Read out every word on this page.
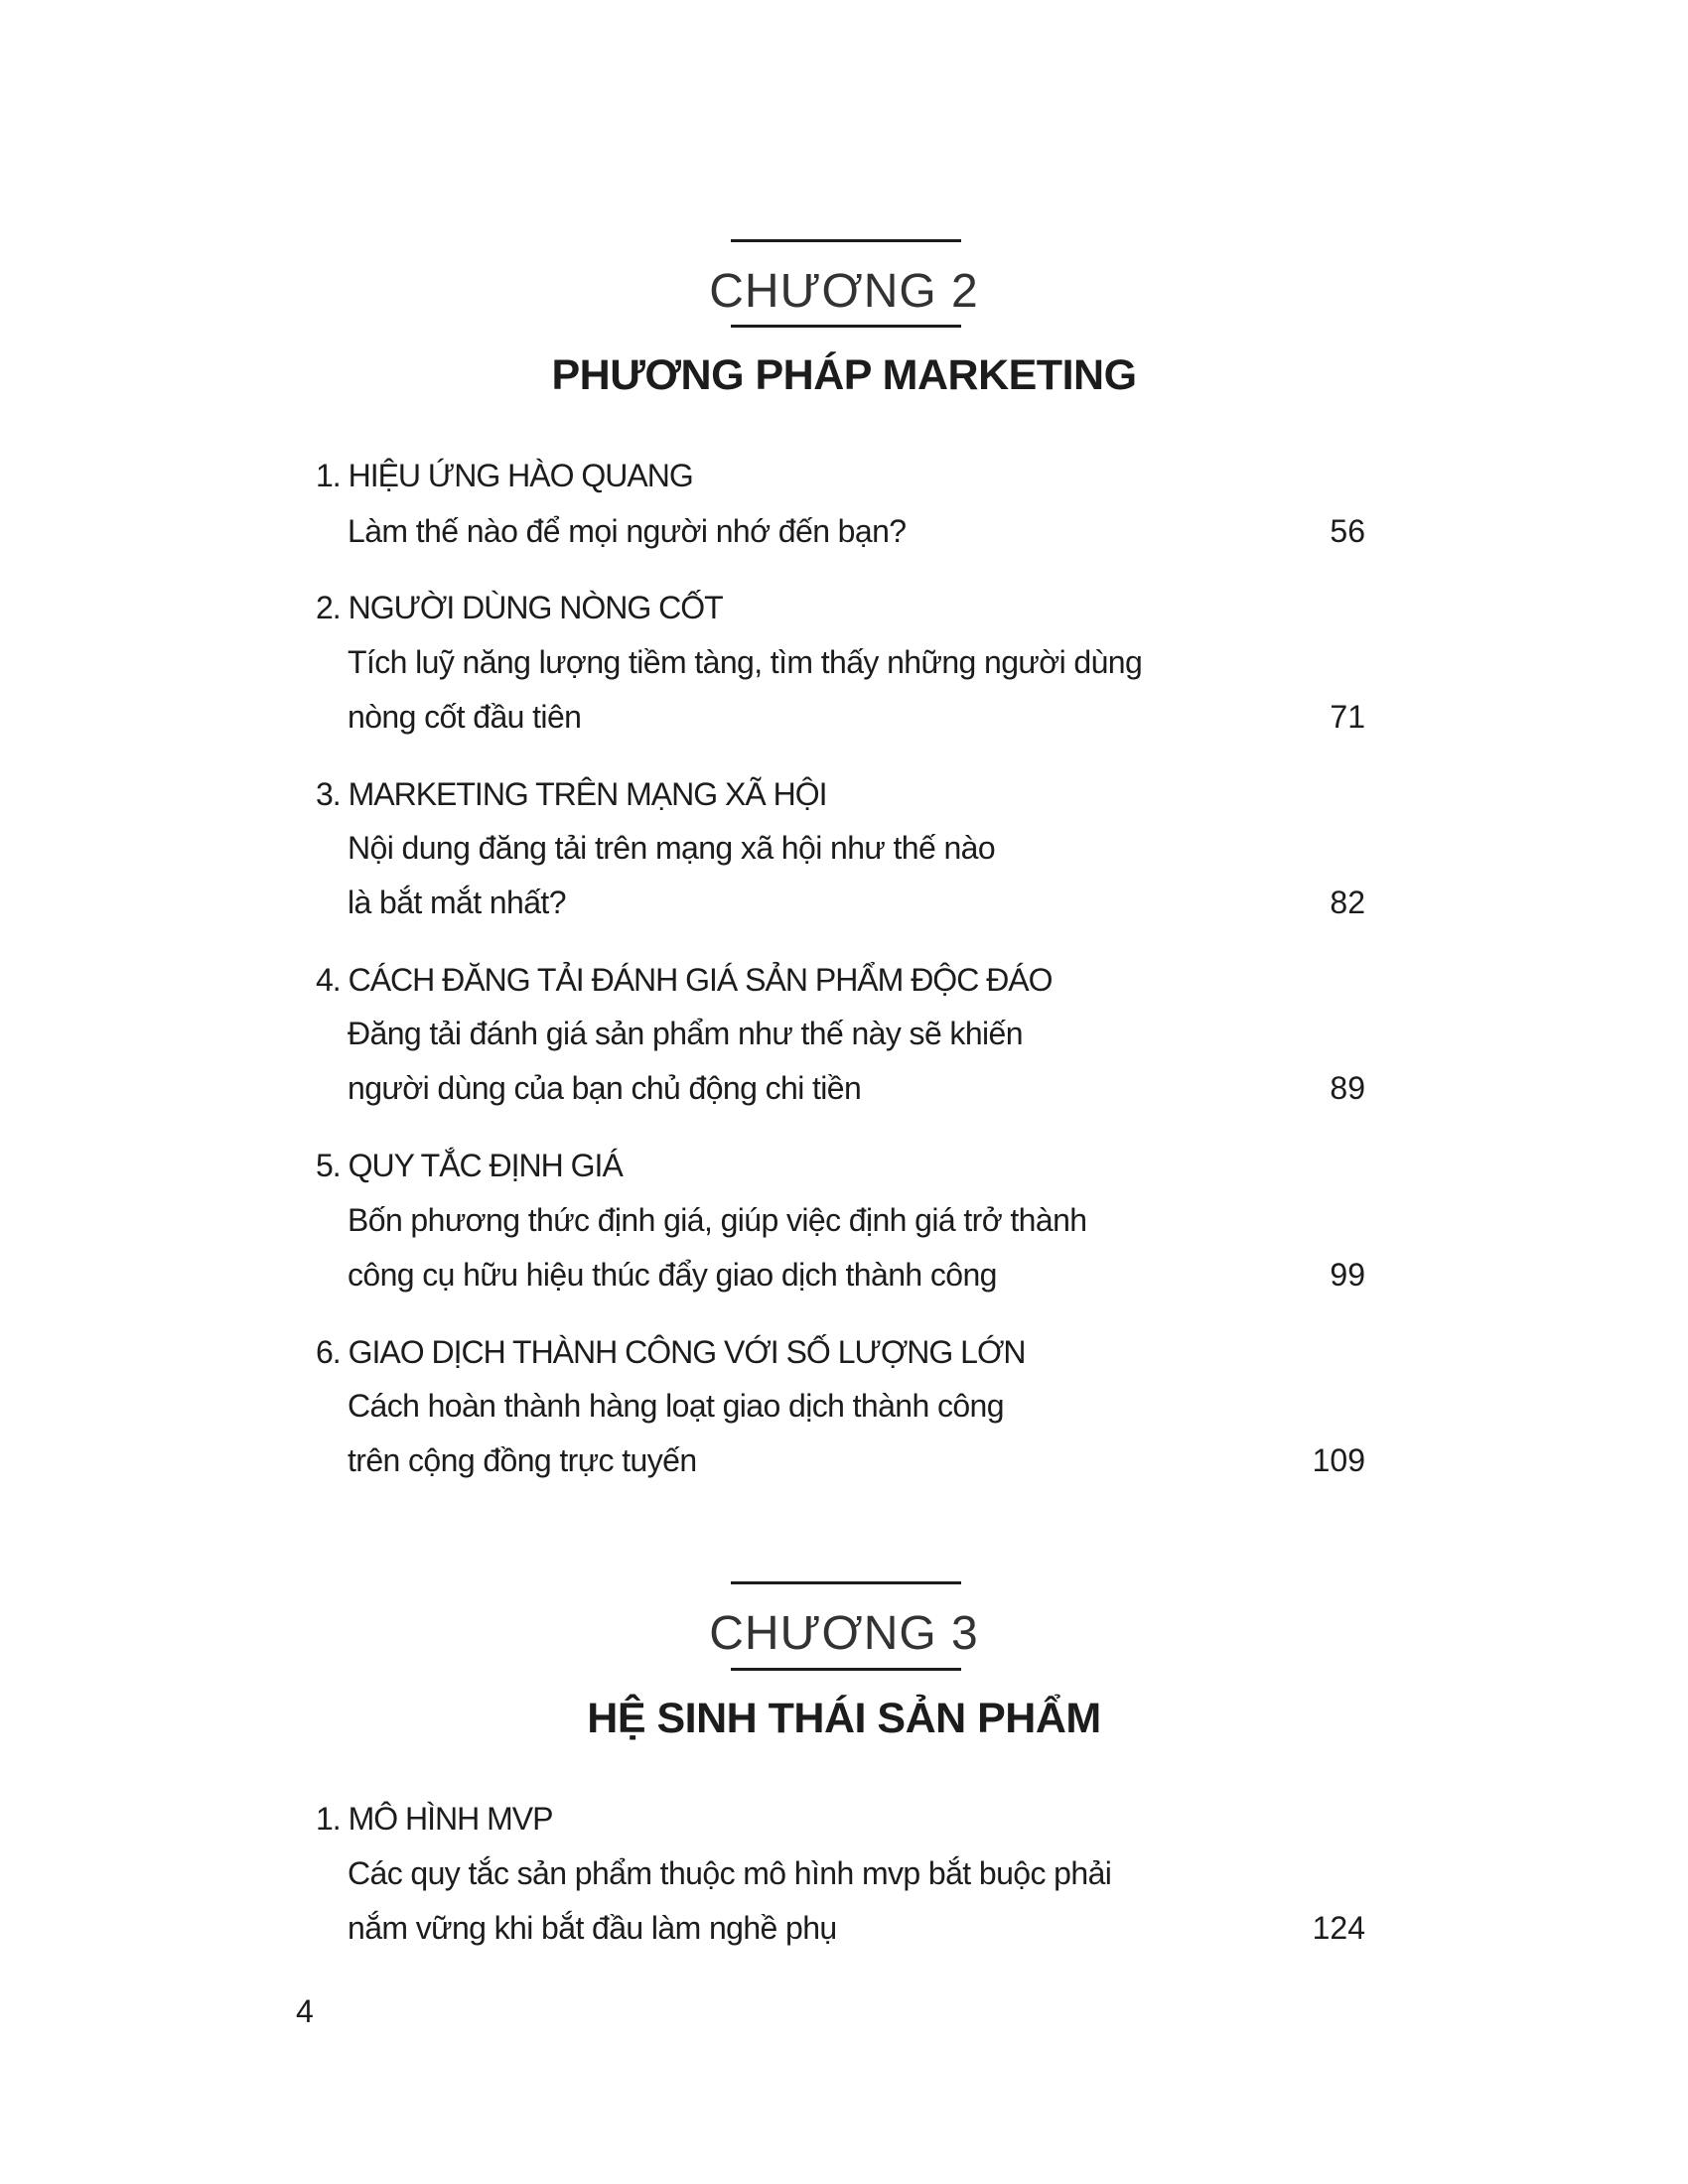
CHƯƠNG 2
PHƯƠNG PHÁP MARKETING
1. HIỆU ỨNG HÀO QUANG
Làm thế nào để mọi người nhớ đến bạn?	56
2. NGƯỜI DÙNG NÒNG CỐT
Tích luỹ năng lượng tiềm tàng, tìm thấy những người dùng
nòng cốt đầu tiên	71
3. MARKETING TRÊN MẠNG XÃ HỘI
Nội dung đăng tải trên mạng xã hội như thế nào
là bắt mắt nhất?	82
4. CÁCH ĐĂNG TẢI ĐÁNH GIÁ SẢN PHẨM ĐỘC ĐÁO
Đăng tải đánh giá sản phẩm như thế này sẽ khiến
người dùng của bạn chủ động chi tiền	89
5. QUY TẮC ĐỊNH GIÁ
Bốn phương thức định giá, giúp việc định giá trở thành
công cụ hữu hiệu thúc đẩy giao dịch thành công	99
6. GIAO DỊCH THÀNH CÔNG VỚI SỐ LƯỢNG LỚN
Cách hoàn thành hàng loạt giao dịch thành công
trên cộng đồng trực tuyến	109
CHƯƠNG 3
HỆ SINH THÁI SẢN PHẨM
1. MÔ HÌNH MVP
Các quy tắc sản phẩm thuộc mô hình mvp bắt buộc phải
nắm vững khi bắt đầu làm nghề phụ	124
4
